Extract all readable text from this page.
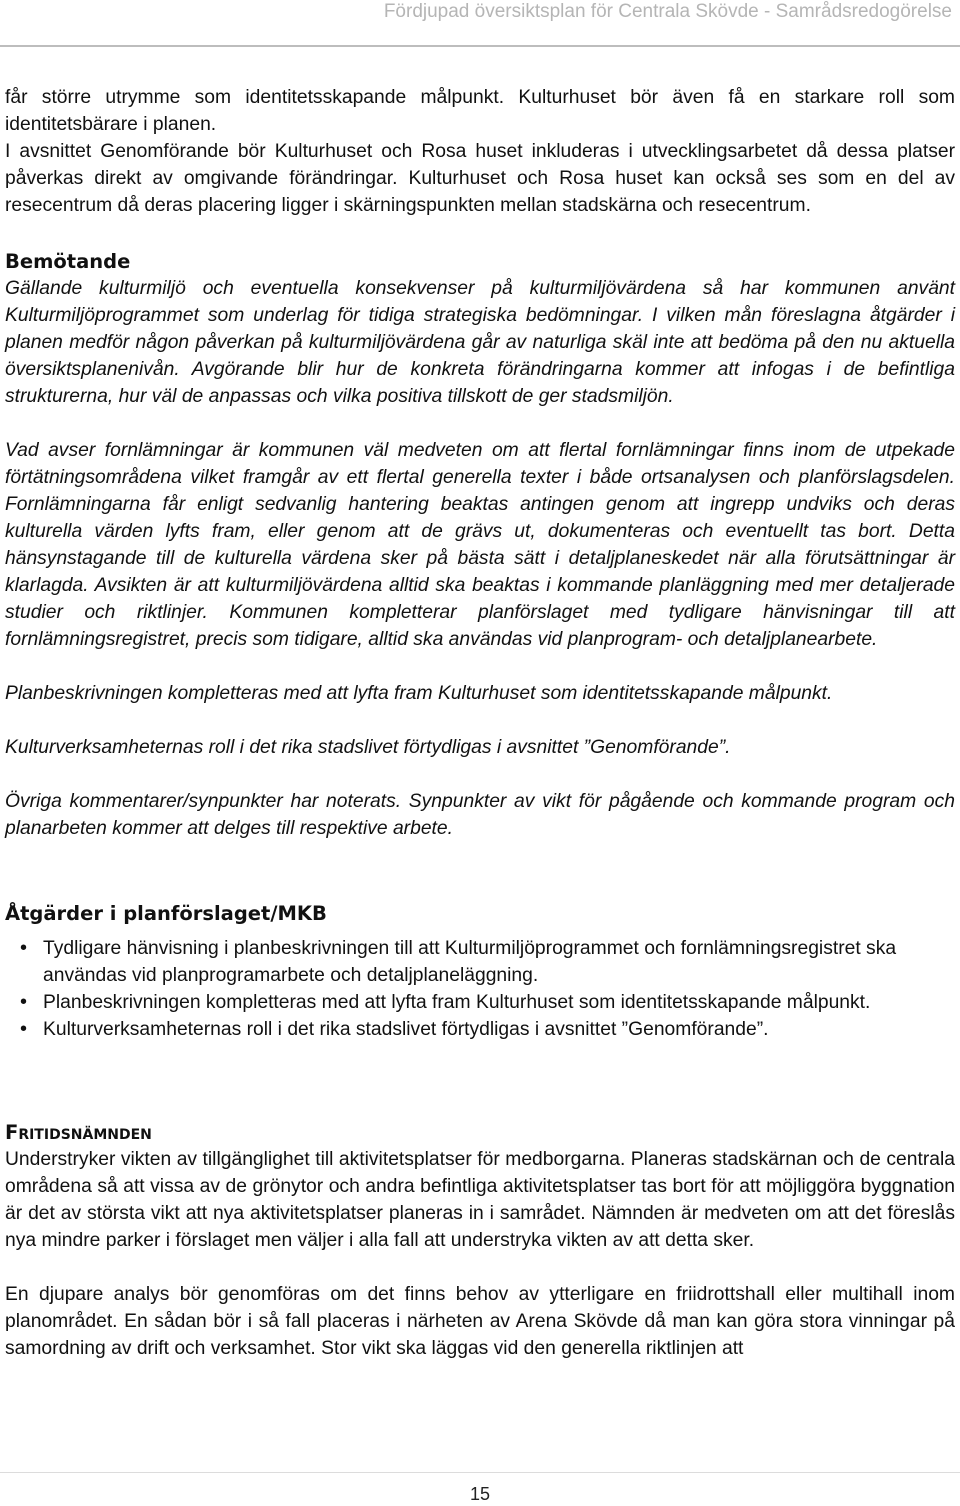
Fördjupad översiktsplan för Centrala Skövde - Samrådsredogörelse

får större utrymme som identitetsskapande målpunkt. Kulturhuset bör även få en starkare roll som identitetsbärare i planen.

I avsnittet Genomförande bör Kulturhuset och Rosa huset inkluderas i utvecklingsarbetet då dessa platser påverkas direkt av omgivande förändringar. Kulturhuset och Rosa huset kan också ses som en del av resecentrum då deras placering ligger i skärningspunkten mellan stadskärna och resecentrum.

Bemötande

Gällande kulturmiljö och eventuella konsekvenser på kulturmiljövärdena så har kommunen använt Kulturmiljöprogrammet som underlag för tidiga strategiska bedömningar. I vilken mån föreslagna åtgärder i planen medför någon påverkan på kulturmiljövärdena går av naturliga skäl inte att bedöma på den nu aktuella översiktsplanenivån. Avgörande blir hur de konkreta förändringarna kommer att infogas i de befintliga strukturerna, hur väl de anpassas och vilka positiva tillskott de ger stadsmiljön.

Vad avser fornlämningar är kommunen väl medveten om att flertal fornlämningar finns inom de utpekade förtätningsområdena vilket framgår av ett flertal generella texter i både ortsanalysen och planförslagsdelen. Fornlämningarna får enligt sedvanlig hantering beaktas antingen genom att ingrepp undviks och deras kulturella värden lyfts fram, eller genom att de grävs ut, dokumenteras och eventuellt tas bort. Detta hänsynstagande till de kulturella värdena sker på bästa sätt i detaljplaneskedet när alla förutsättningar är klarlagda. Avsikten är att kulturmiljövärdena alltid ska beaktas i kommande planläggning med mer detaljerade studier och riktlinjer. Kommunen kompletterar planförslaget med tydligare hänvisningar till att fornlämningsregistret, precis som tidigare, alltid ska användas vid planprogram- och detaljplanearbete.

Planbeskrivningen kompletteras med att lyfta fram Kulturhuset som identitetsskapande målpunkt.

Kulturverksamheternas roll i det rika stadslivet förtydligas i avsnittet ”Genomförande”.

Övriga kommentarer/synpunkter har noterats. Synpunkter av vikt för pågående och kommande program och planarbeten kommer att delges till respektive arbete.

Åtgärder i planförslaget/MKB
• Tydligare hänvisning i planbeskrivningen till att Kulturmiljöprogrammet och fornlämningsregistret ska användas vid planprogramarbete och detaljplaneläggning.
• Planbeskrivningen kompletteras med att lyfta fram Kulturhuset som identitetsskapande målpunkt.
• Kulturverksamheternas roll i det rika stadslivet förtydligas i avsnittet ”Genomförande”.
Fritidsnämnden

Understryker vikten av tillgänglighet till aktivitetsplatser för medborgarna. Planeras stadskärnan och de centrala områdena så att vissa av de grönytor och andra befintliga aktivitetsplatser tas bort för att möjliggöra byggnation är det av största vikt att nya aktivitetsplatser planeras in i samrådet. Nämnden är medveten om att det föreslås nya mindre parker i förslaget men väljer i alla fall att understryka vikten av att detta sker.

En djupare analys bör genomföras om det finns behov av ytterligare en friidrottshall eller multihall inom planområdet. En sådan bör i så fall placeras i närheten av Arena Skövde då man kan göra stora vinningar på samordning av drift och verksamhet. Stor vikt ska läggas vid den generella riktlinjen att

15
